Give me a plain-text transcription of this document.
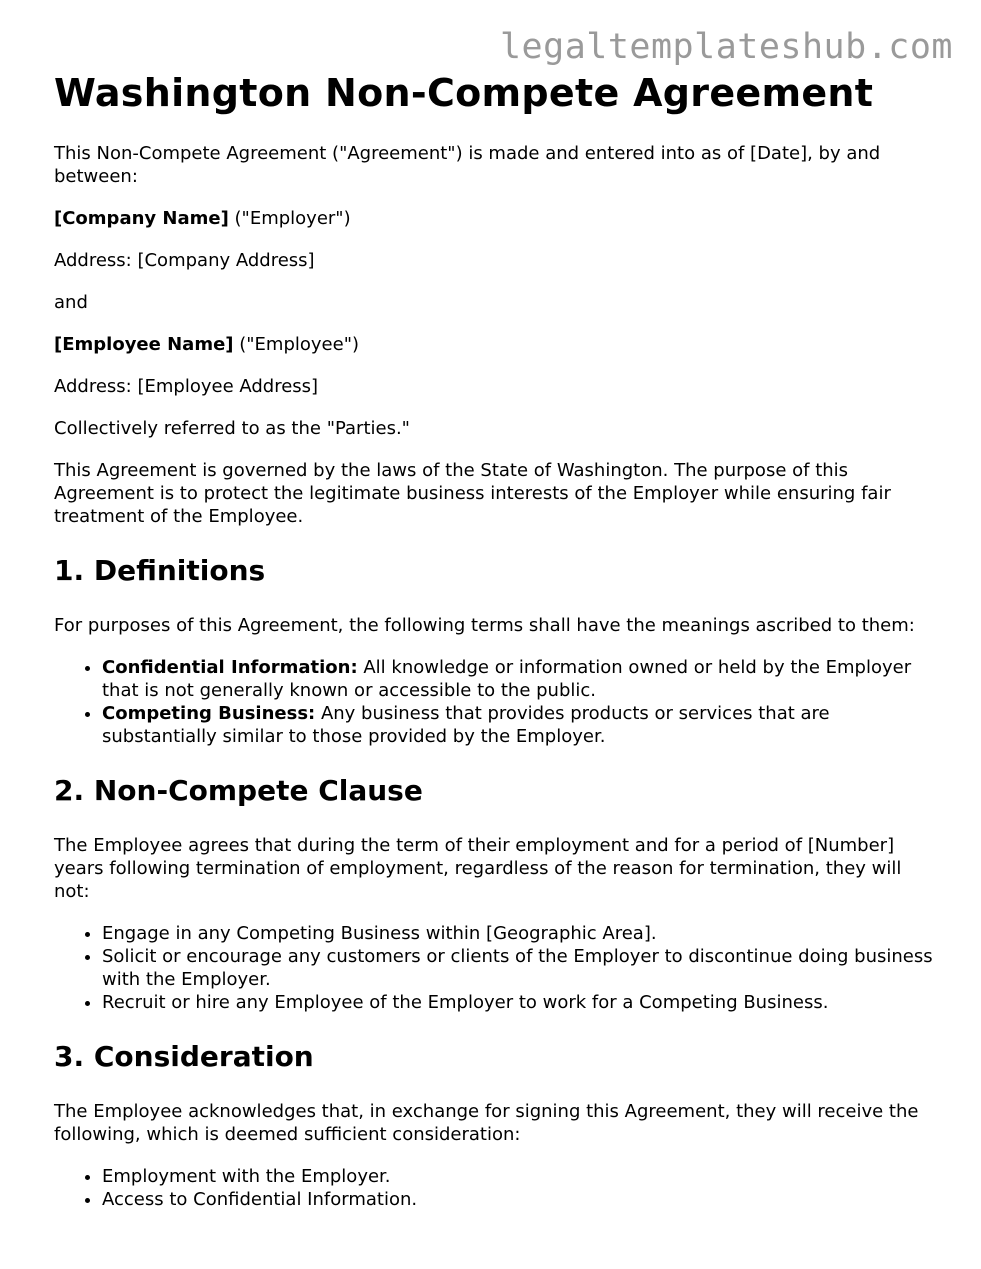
legaltemplateshub.com
Washington Non-Compete Agreement

This Non-Compete Agreement ("Agreement") is made and entered into as of [Date], by and between:

[Company Name] ("Employer")

Address: [Company Address]

and

[Employee Name] ("Employee")

Address: [Employee Address]

Collectively referred to as the "Parties."

This Agreement is governed by the laws of the State of Washington. The purpose of this Agreement is to protect the legitimate business interests of the Employer while ensuring fair treatment of the Employee.

1. Definitions

For purposes of this Agreement, the following terms shall have the meanings ascribed to them:

• Confidential Information: All knowledge or information owned or held by the Employer that is not generally known or accessible to the public.
• Competing Business: Any business that provides products or services that are substantially similar to those provided by the Employer.
2. Non-Compete Clause

The Employee agrees that during the term of their employment and for a period of [Number] years following termination of employment, regardless of the reason for termination, they will not:

• Engage in any Competing Business within [Geographic Area].
• Solicit or encourage any customers or clients of the Employer to discontinue doing business with the Employer.
• Recruit or hire any Employee of the Employer to work for a Competing Business.
3. Consideration

The Employee acknowledges that, in exchange for signing this Agreement, they will receive the following, which is deemed sufficient consideration:

• Employment with the Employer.
• Access to Confidential Information.
